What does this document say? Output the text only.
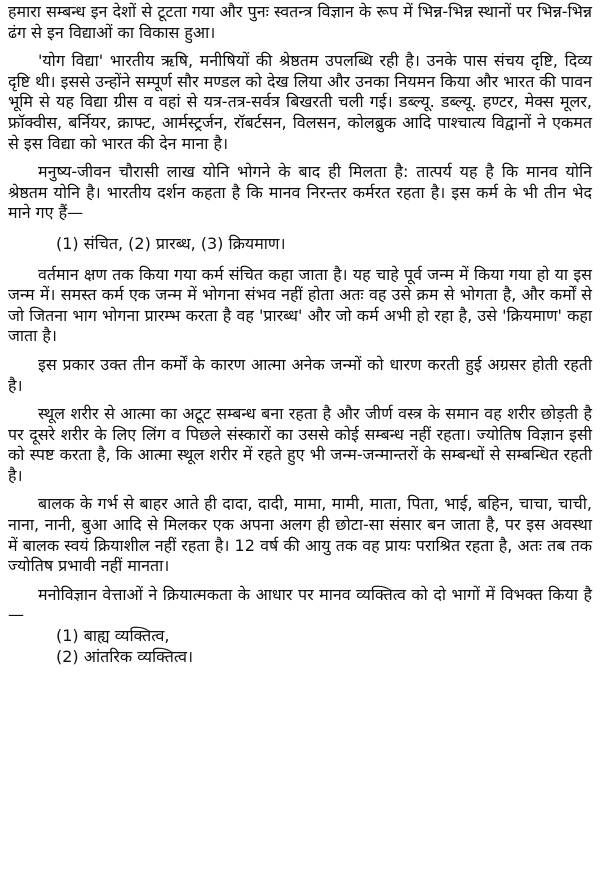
हमारा सम्बन्ध इन देशों से टूटता गया और पुनः स्वतन्त्र विज्ञान के रूप में भिन्न-भिन्न स्थानों पर भिन्न-भिन्न ढंग से इन विद्याओं का विकास हुआ।

'योग विद्या' भारतीय ऋषि, मनीषियों की श्रेष्ठतम उपलब्धि रही है। उनके पास संचय दृष्टि, दिव्य दृष्टि थी। इससे उन्होंने सम्पूर्ण सौर मण्डल को देख लिया और उनका नियमन किया और भारत की पावन भूमि से यह विद्या ग्रीस व वहां से यत्र-तत्र-सर्वत्र बिखरती चली गई। डब्ल्यू. डब्ल्यू. हण्टर, मेक्स मूलर, फ्रॉक्वीस, बर्नियर, क्राफ्ट, आर्मस्ट्रर्जन, रॉबर्टसन, विलसन, कोलब्रुक आदि पाश्चात्य विद्वानों ने एकमत से इस विद्या को भारत की देन माना है।

मनुष्य-जीवन चौरासी लाख योनि भोगने के बाद ही मिलता है: तात्पर्य यह है कि मानव योनि श्रेष्ठतम योनि है। भारतीय दर्शन कहता है कि मानव निरन्तर कर्मरत रहता है। इस कर्म के भी तीन भेद माने गए हैं—

(1) संचित, (2) प्रारब्ध, (3) क्रियमाण।

वर्तमान क्षण तक किया गया कर्म संचित कहा जाता है। यह चाहे पूर्व जन्म में किया गया हो या इस जन्म में। समस्त कर्म एक जन्म में भोगना संभव नहीं होता अतः वह उसे क्रम से भोगता है, और कर्मों से जो जितना भाग भोगना प्रारम्भ करता है वह 'प्रारब्ध' और जो कर्म अभी हो रहा है, उसे 'क्रियमाण' कहा जाता है।

इस प्रकार उक्त तीन कर्मों के कारण आत्मा अनेक जन्मों को धारण करती हुई अग्रसर होती रहती है।

स्थूल शरीर से आत्मा का अटूट सम्बन्ध बना रहता है और जीर्ण वस्त्र के समान वह शरीर छोड़ती है पर दूसरे शरीर के लिए लिंग व पिछले संस्कारों का उससे कोई सम्बन्ध नहीं रहता। ज्योतिष विज्ञान इसी को स्पष्ट करता है, कि आत्मा स्थूल शरीर में रहते हुए भी जन्म-जन्मान्तरों के सम्बन्धों से सम्बन्धित रहती है।

बालक के गर्भ से बाहर आते ही दादा, दादी, मामा, मामी, माता, पिता, भाई, बहिन, चाचा, चाची, नाना, नानी, बुआ आदि से मिलकर एक अपना अलग ही छोटा-सा संसार बन जाता है, पर इस अवस्था में बालक स्वयं क्रियाशील नहीं रहता है। 12 वर्ष की आयु तक वह प्रायः पराश्रित रहता है, अतः तब तक ज्योतिष प्रभावी नहीं मानता।

मनोविज्ञान वेत्ताओं ने क्रियात्मकता के आधार पर मानव व्यक्तित्व को दो भागों में विभक्त किया है—

(1) बाह्य व्यक्तित्व,

(2) आंतरिक व्यक्तित्व।
